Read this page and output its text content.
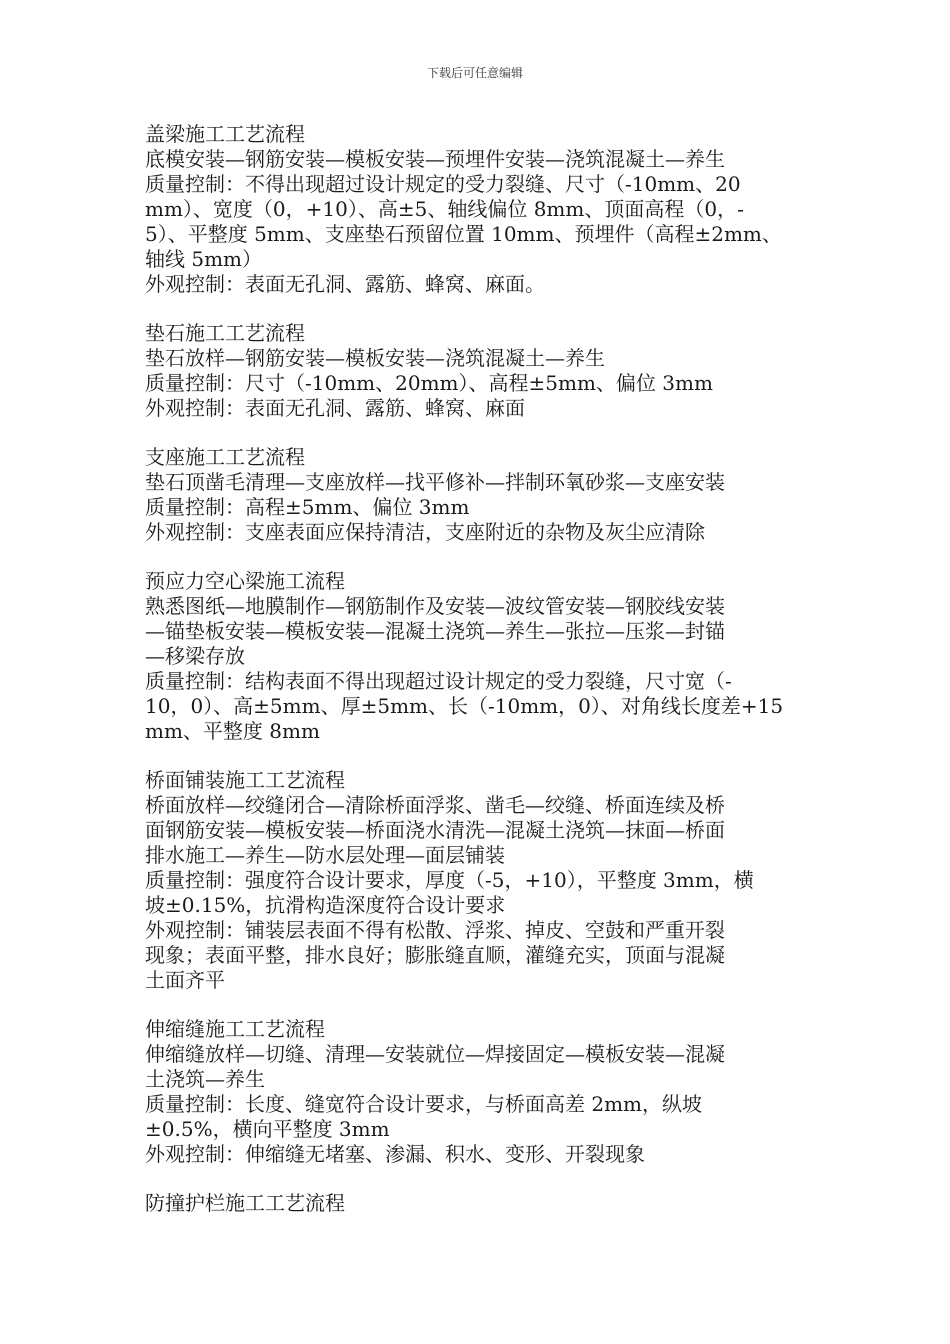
下载后可任意编辑

盖梁施工工艺流程

底模安装—钢筋安装—模板安装—预埋件安装—浇筑混凝土—养生

质量控制：不得出现超过设计规定的受力裂缝、尺寸（-10mm、20

mm）、宽度（0，+10）、高±5、轴线偏位 8mm、顶面高程（0，-

5）、平整度 5mm、支座垫石预留位置 10mm、预埋件（高程±2mm、

轴线 5mm）

外观控制：表面无孔洞、露筋、蜂窝、麻面。

垫石施工工艺流程

垫石放样—钢筋安装—模板安装—浇筑混凝土—养生

质量控制：尺寸（-10mm、20mm）、高程±5mm、偏位 3mm

外观控制：表面无孔洞、露筋、蜂窝、麻面

支座施工工艺流程

垫石顶凿毛清理—支座放样—找平修补—拌制环氧砂浆—支座安装

质量控制：高程±5mm、偏位 3mm

外观控制：支座表面应保持清洁，支座附近的杂物及灰尘应清除

预应力空心梁施工流程

熟悉图纸—地膜制作—钢筋制作及安装—波纹管安装—钢胶线安装

—锚垫板安装—模板安装—混凝土浇筑—养生—张拉—压浆—封锚

—移梁存放

质量控制：结构表面不得出现超过设计规定的受力裂缝，尺寸宽（-

10，0）、高±5mm、厚±5mm、长（-10mm，0）、对角线长度差+15

mm、平整度 8mm

桥面铺装施工工艺流程

桥面放样—绞缝闭合—清除桥面浮浆、凿毛—绞缝、桥面连续及桥

面钢筋安装—模板安装—桥面浇水清洗—混凝土浇筑—抹面—桥面

排水施工—养生—防水层处理—面层铺装

质量控制：强度符合设计要求，厚度（-5，+10），平整度 3mm，横

坡±0.15%，抗滑构造深度符合设计要求

外观控制：铺装层表面不得有松散、浮浆、掉皮、空鼓和严重开裂

现象；表面平整，排水良好；膨胀缝直顺，灌缝充实，顶面与混凝

土面齐平

伸缩缝施工工艺流程

伸缩缝放样—切缝、清理—安装就位—焊接固定—模板安装—混凝

土浇筑—养生

质量控制：长度、缝宽符合设计要求，与桥面高差 2mm，纵坡

±0.5%，横向平整度 3mm

外观控制：伸缩缝无堵塞、渗漏、积水、变形、开裂现象

防撞护栏施工工艺流程
